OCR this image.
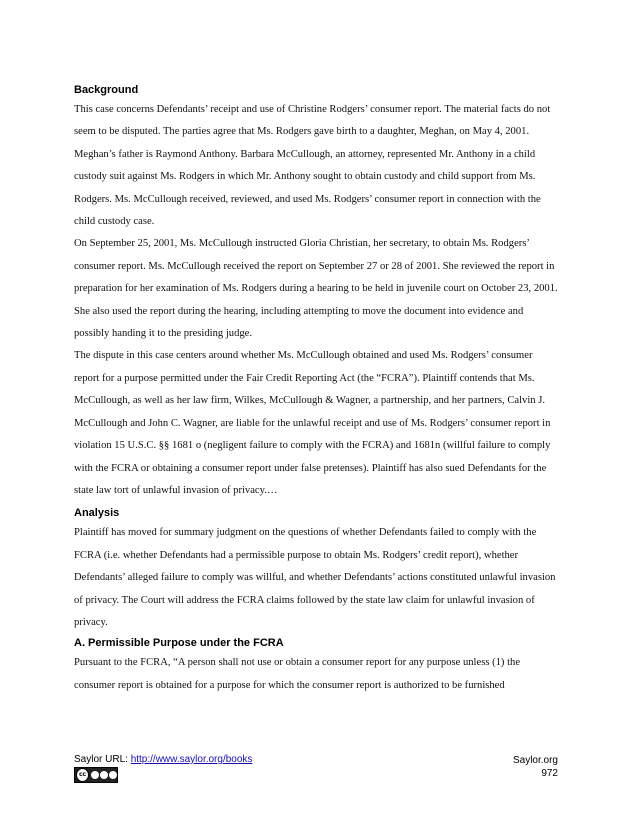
Background

This case concerns Defendants’ receipt and use of Christine Rodgers’ consumer report. The material facts do not seem to be disputed. The parties agree that Ms. Rodgers gave birth to a daughter, Meghan, on May 4, 2001. Meghan’s father is Raymond Anthony. Barbara McCullough, an attorney, represented Mr. Anthony in a child custody suit against Ms. Rodgers in which Mr. Anthony sought to obtain custody and child support from Ms. Rodgers. Ms. McCullough received, reviewed, and used Ms. Rodgers’ consumer report in connection with the child custody case.

On September 25, 2001, Ms. McCullough instructed Gloria Christian, her secretary, to obtain Ms. Rodgers’ consumer report. Ms. McCullough received the report on September 27 or 28 of 2001. She reviewed the report in preparation for her examination of Ms. Rodgers during a hearing to be held in juvenile court on October 23, 2001. She also used the report during the hearing, including attempting to move the document into evidence and possibly handing it to the presiding judge.

The dispute in this case centers around whether Ms. McCullough obtained and used Ms. Rodgers’ consumer report for a purpose permitted under the Fair Credit Reporting Act (the “FCRA”). Plaintiff contends that Ms. McCullough, as well as her law firm, Wilkes, McCullough & Wagner, a partnership, and her partners, Calvin J. McCullough and John C. Wagner, are liable for the unlawful receipt and use of Ms. Rodgers’ consumer report in violation 15 U.S.C. §§ 1681 o (negligent failure to comply with the FCRA) and 1681n (willful failure to comply with the FCRA or obtaining a consumer report under false pretenses). Plaintiff has also sued Defendants for the state law tort of unlawful invasion of privacy.…

Analysis

Plaintiff has moved for summary judgment on the questions of whether Defendants failed to comply with the FCRA (i.e. whether Defendants had a permissible purpose to obtain Ms. Rodgers’ credit report), whether Defendants’ alleged failure to comply was willful, and whether Defendants’ actions constituted unlawful invasion of privacy. The Court will address the FCRA claims followed by the state law claim for unlawful invasion of privacy.

A. Permissible Purpose under the FCRA

Pursuant to the FCRA, “A person shall not use or obtain a consumer report for any purpose unless (1) the consumer report is obtained for a purpose for which the consumer report is authorized to be furnished

Saylor URL: http://www.saylor.org/books
cc
Saylor.org
972
